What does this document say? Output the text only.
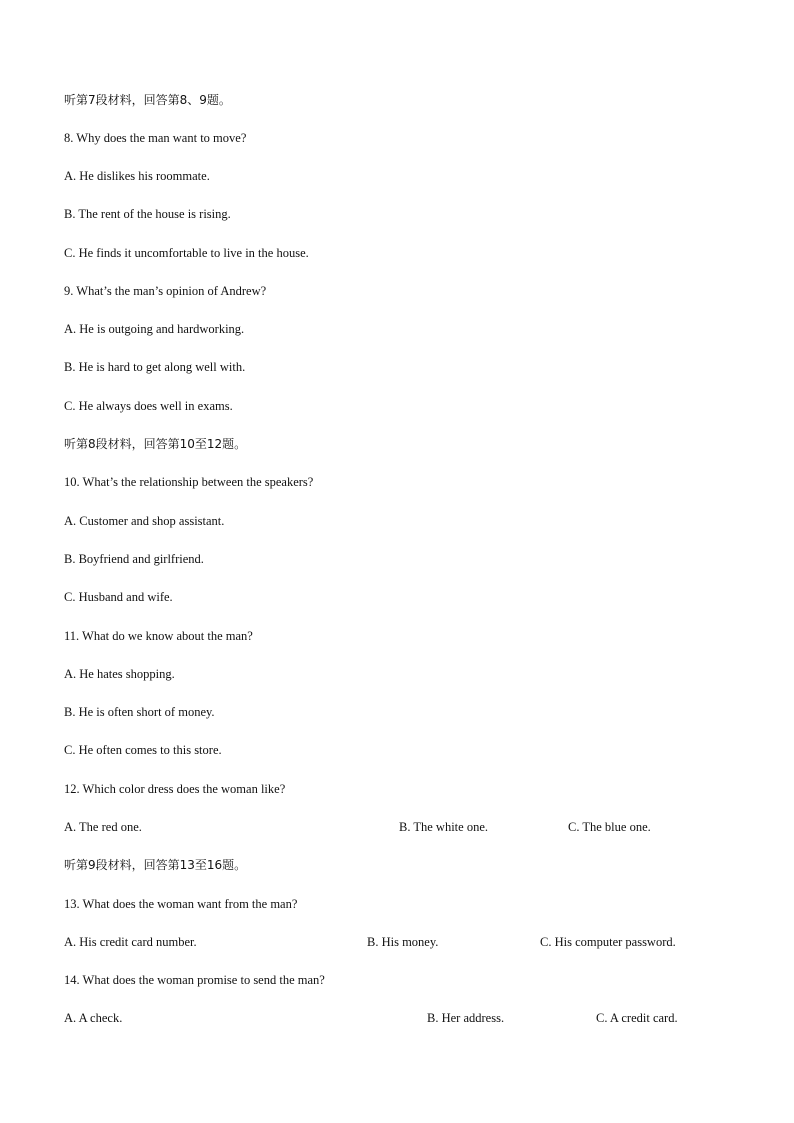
听第7段材料，回答第8、9题。
8. Why does the man want to move?
A. He dislikes his roommate.
B. The rent of the house is rising.
C. He finds it uncomfortable to live in the house.
9. What’s the man’s opinion of Andrew?
A. He is outgoing and hardworking.
B. He is hard to get along well with.
C. He always does well in exams.
听第8段材料，回答第10至12题。
10. What’s the relationship between the speakers?
A. Customer and shop assistant.
B. Boyfriend and girlfriend.
C. Husband and wife.
11. What do we know about the man?
A. He hates shopping.
B. He is often short of money.
C. He often comes to this store.
12. Which color dress does the woman like?
A. The red one.	B. The white one.	C. The blue one.
听第9段材料，回答第13至16题。
13. What does the woman want from the man?
A. His credit card number.	B. His money.	C. His computer password.
14. What does the woman promise to send the man?
A. A check.	B. Her address.	C. A credit card.
